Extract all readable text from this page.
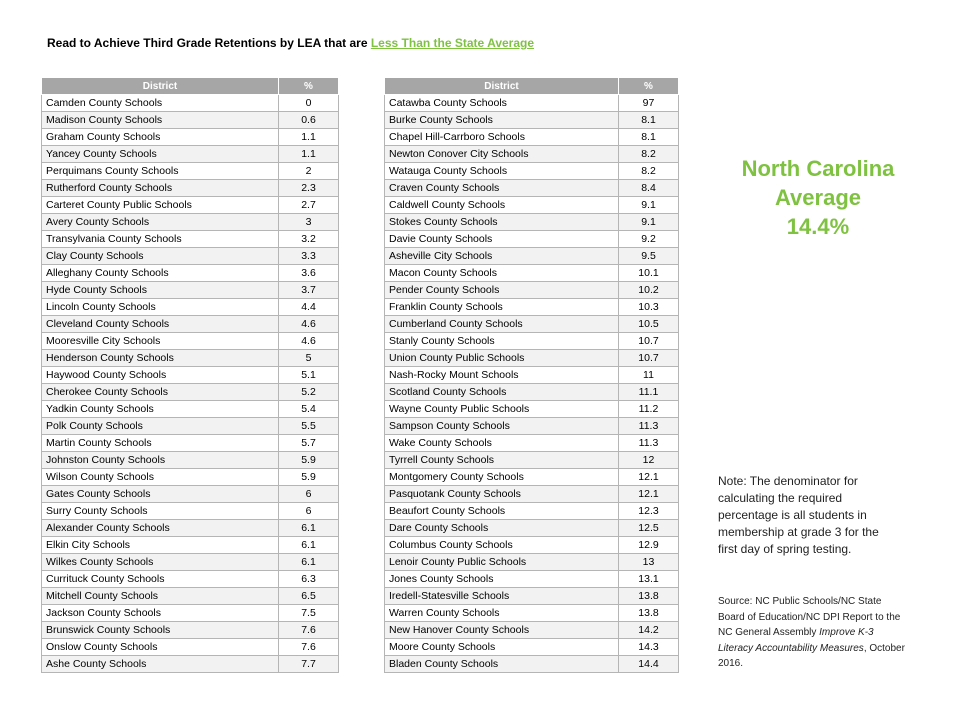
Read to Achieve Third Grade Retentions by LEA that are Less Than the State Average
District	%
Camden County Schools	0
Madison County Schools	0.6
Graham County Schools	1.1
Yancey County Schools	1.1
Perquimans County Schools	2
Rutherford County Schools	2.3
Carteret County Public Schools	2.7
Avery County Schools	3
Transylvania County Schools	3.2
Clay County Schools	3.3
Alleghany County Schools	3.6
Hyde County Schools	3.7
Lincoln County Schools	4.4
Cleveland County Schools	4.6
Mooresville City Schools	4.6
Henderson County Schools	5
Haywood County Schools	5.1
Cherokee County Schools	5.2
Yadkin County Schools	5.4
Polk County Schools	5.5
Martin County Schools	5.7
Johnston County Schools	5.9
Wilson County Schools	5.9
Gates County Schools	6
Surry County Schools	6
Alexander County Schools	6.1
Elkin City Schools	6.1
Wilkes County Schools	6.1
Currituck County Schools	6.3
Mitchell County Schools	6.5
Jackson County Schools	7.5
Brunswick County Schools	7.6
Onslow County Schools	7.6
Ashe County Schools	7.7
District	%
Catawba County Schools	97
Burke County Schools	8.1
Chapel Hill-Carrboro Schools	8.1
Newton Conover City Schools	8.2
Watauga County Schools	8.2
Craven County Schools	8.4
Caldwell County Schools	9.1
Stokes County Schools	9.1
Davie County Schools	9.2
Asheville City Schools	9.5
Macon County Schools	10.1
Pender County Schools	10.2
Franklin County Schools	10.3
Cumberland County Schools	10.5
Stanly County Schools	10.7
Union County Public Schools	10.7
Nash-Rocky Mount Schools	11
Scotland County Schools	11.1
Wayne County Public Schools	11.2
Sampson County Schools	11.3
Wake County Schools	11.3
Tyrrell County Schools	12
Montgomery County Schools	12.1
Pasquotank County Schools	12.1
Beaufort County Schools	12.3
Dare County Schools	12.5
Columbus County Schools	12.9
Lenoir County Public Schools	13
Jones County Schools	13.1
Iredell-Statesville Schools	13.8
Warren County Schools	13.8
New Hanover County Schools	14.2
Moore County Schools	14.3
Bladen County Schools	14.4
North Carolina
Average
14.4%
Note: The denominator for calculating the required percentage is all students in membership at grade 3 for the first day of spring testing.
Source: NC Public Schools/NC State Board of Education/NC DPI Report to the NC General Assembly Improve K-3 Literacy Accountability Measures, October 2016.
